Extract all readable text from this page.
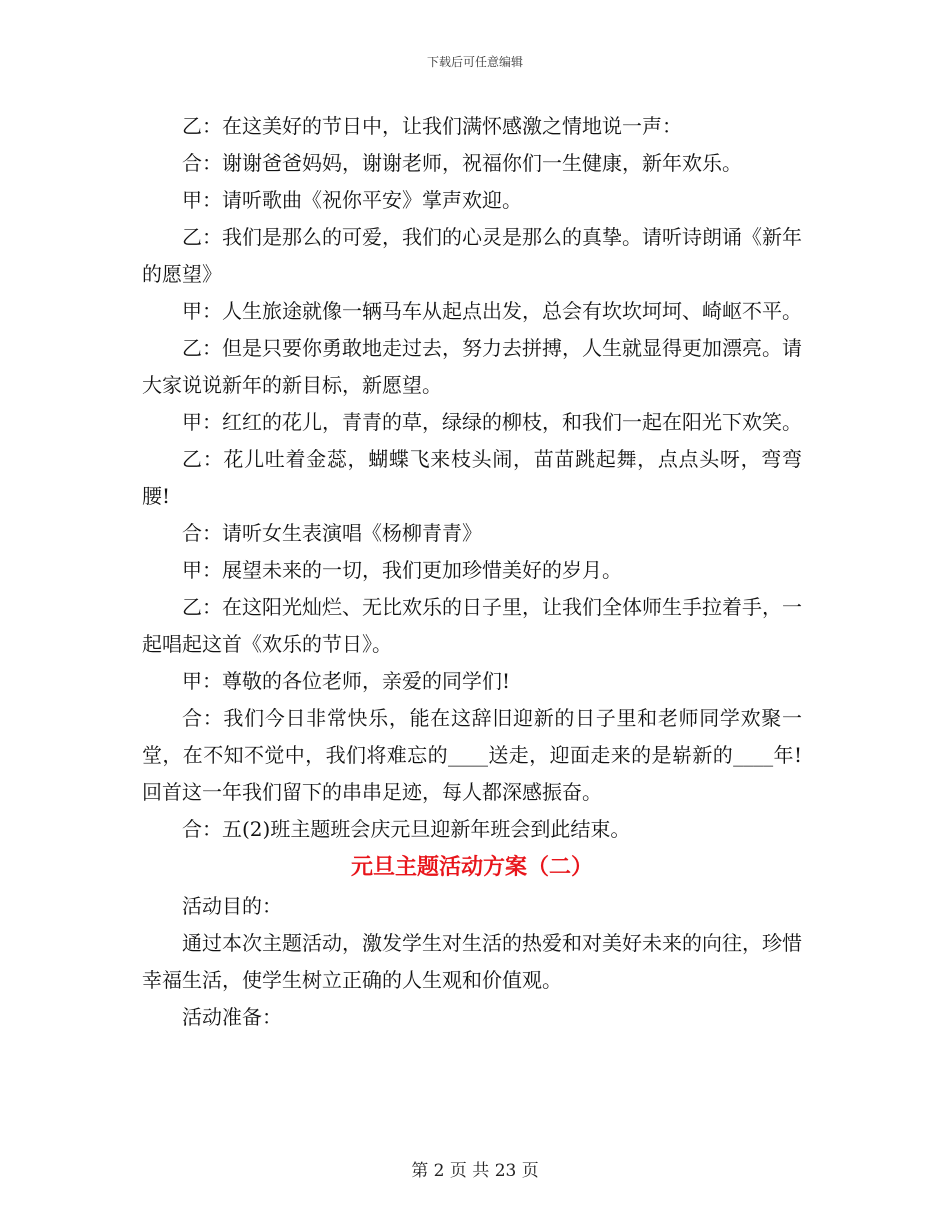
下载后可任意编辑

乙：在这美好的节日中，让我们满怀感激之情地说一声：

合：谢谢爸爸妈妈，谢谢老师，祝福你们一生健康，新年欢乐。

甲：请听歌曲《祝你平安》掌声欢迎。

乙：我们是那么的可爱，我们的心灵是那么的真挚。请听诗朗诵《新年的愿望》

甲：人生旅途就像一辆马车从起点出发，总会有坎坎坷坷、崎岖不平。

乙：但是只要你勇敢地走过去，努力去拼搏，人生就显得更加漂亮。请大家说说新年的新目标，新愿望。

甲：红红的花儿，青青的草，绿绿的柳枝，和我们一起在阳光下欢笑。

乙：花儿吐着金蕊，蝴蝶飞来枝头闹，苗苗跳起舞，点点头呀，弯弯腰!

合：请听女生表演唱《杨柳青青》

甲：展望未来的一切，我们更加珍惜美好的岁月。

乙：在这阳光灿烂、无比欢乐的日子里，让我们全体师生手拉着手，一起唱起这首《欢乐的节日》。

甲：尊敬的各位老师，亲爱的同学们!

合：我们今日非常快乐，能在这辞旧迎新的日子里和老师同学欢聚一堂，在不知不觉中，我们将难忘的____送走，迎面走来的是崭新的____年!回首这一年我们留下的串串足迹，每人都深感振奋。

合：五(2)班主题班会庆元旦迎新年班会到此结束。

元旦主题活动方案（二）

活动目的：

通过本次主题活动，激发学生对生活的热爱和对美好未来的向往，珍惜幸福生活，使学生树立正确的人生观和价值观。

活动准备：

第 2 页 共 23 页
